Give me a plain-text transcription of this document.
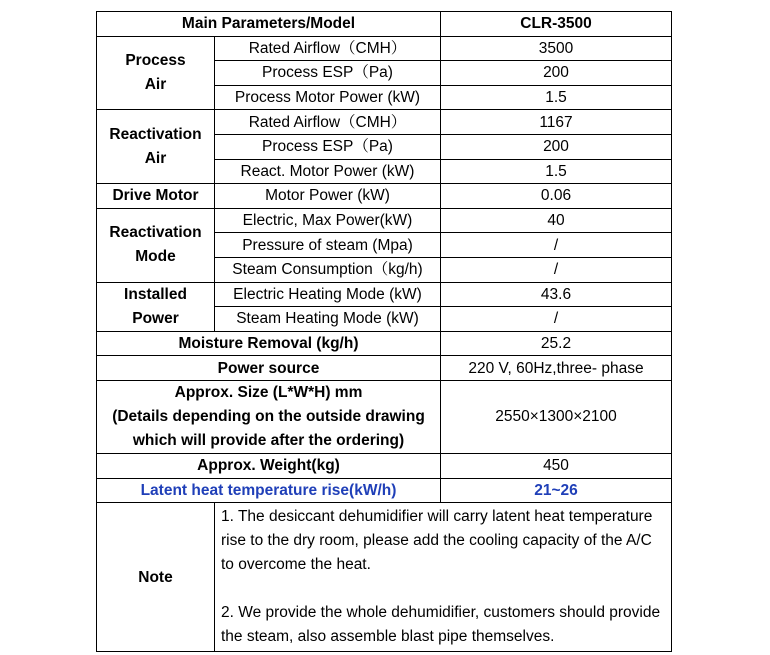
Main Parameters/Model		CLR-3500
Process
Air	Rated Airflow（CMH）	3500
	Process ESP（Pa)	200
	Process Motor Power (kW)	1.5
Reactivation
Air	Rated Airflow（CMH）	1167
	Process ESP（Pa)	200
	React. Motor Power (kW)	1.5
Drive Motor	Motor Power (kW)	0.06
Reactivation
Mode	Electric, Max Power(kW)	40
	Pressure of steam (Mpa)	/
	Steam Consumption（kg/h)	/
Installed
Power	Electric Heating Mode (kW)	43.6
	Steam Heating Mode (kW)	/
Moisture Removal (kg/h)		25.2
Power source		220 V, 60Hz,three- phase
Approx. Size (L*W*H) mm
(Details depending on the outside drawing
which will provide after the ordering)		2550×1300×2100
Approx. Weight(kg)		450
Latent heat temperature rise(kW/h)		21~26
Note	1. The desiccant dehumidifier will carry latent heat temperature rise to the dry room, please add the cooling capacity of the A/C to overcome the heat.
2. We provide the whole dehumidifier, customers should provide the steam, also assemble blast pipe themselves.	
